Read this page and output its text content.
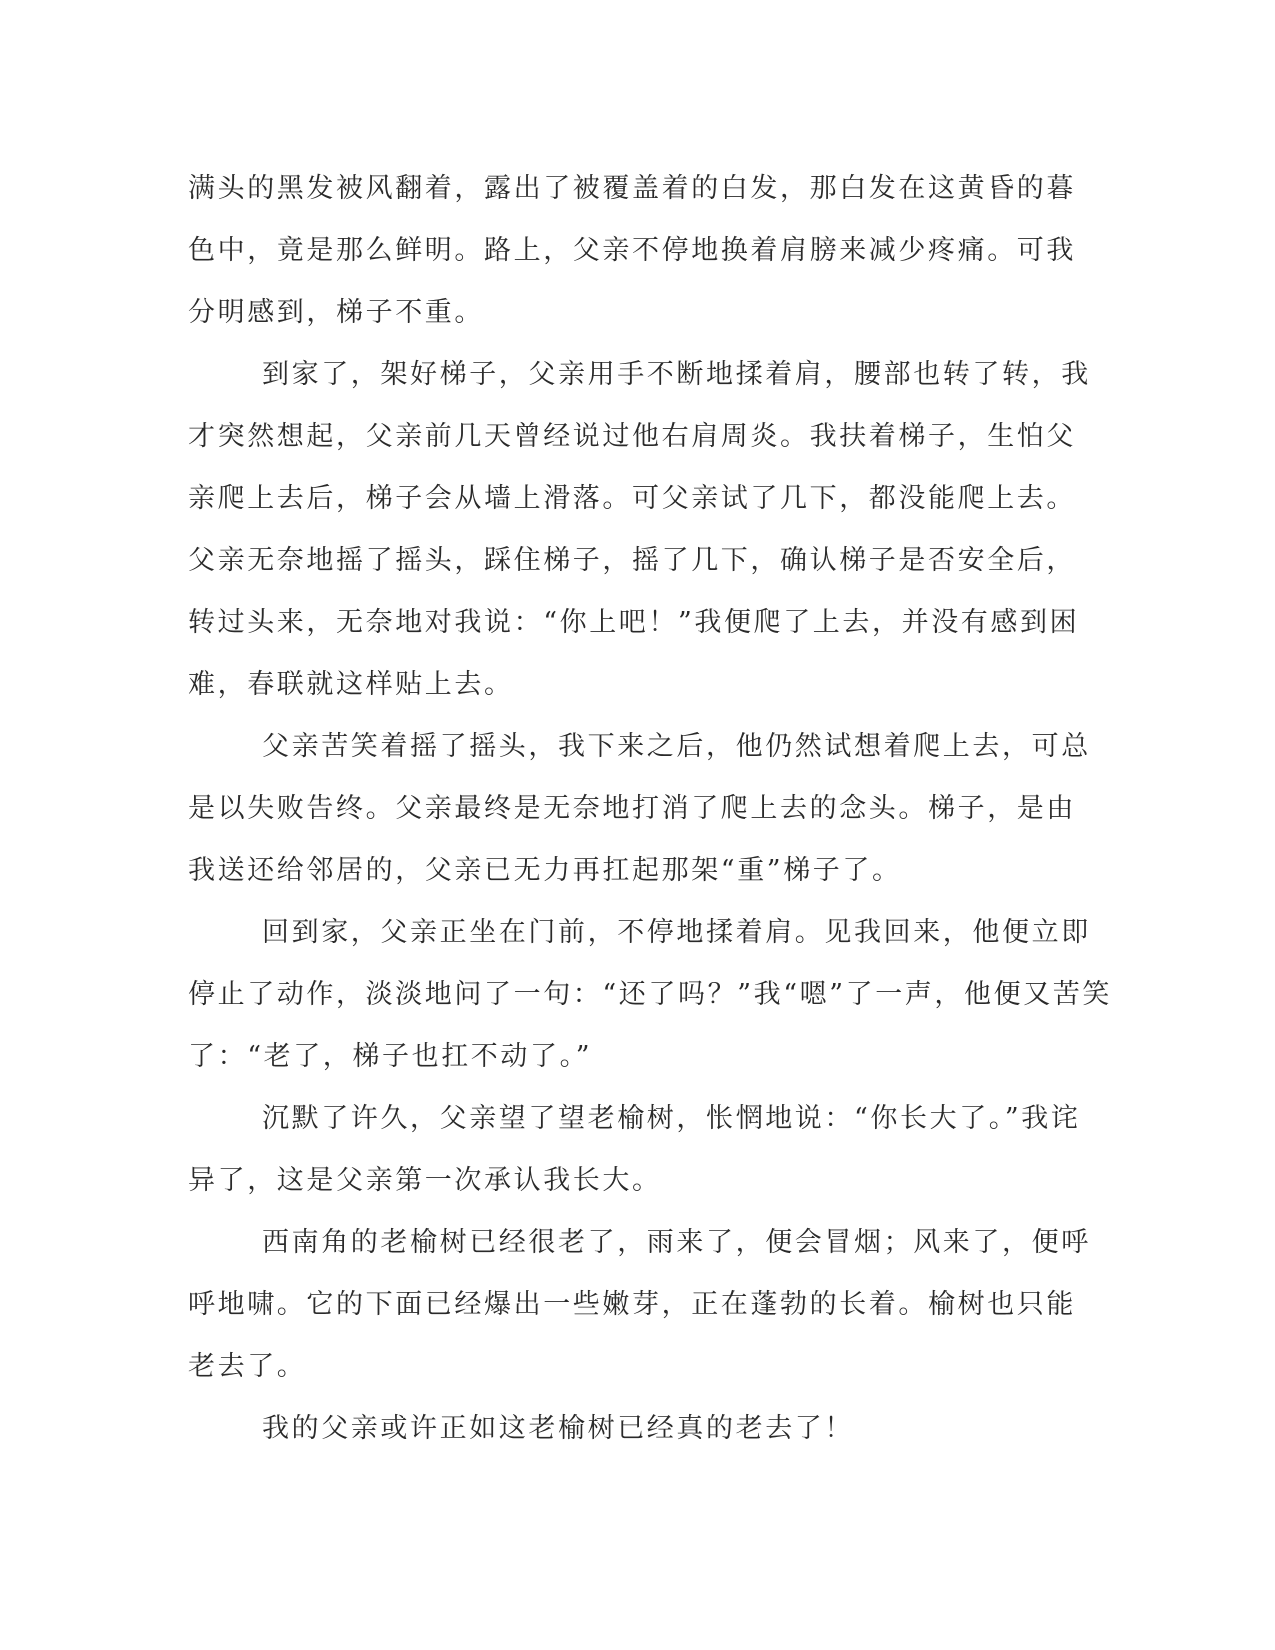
满头的黑发被风翻着，露出了被覆盖着的白发，那白发在这黄昏的暮
色中，竟是那么鲜明。路上，父亲不停地换着肩膀来减少疼痛。可我
分明感到，梯子不重。
到家了，架好梯子，父亲用手不断地揉着肩，腰部也转了转，我
才突然想起，父亲前几天曾经说过他右肩周炎。我扶着梯子，生怕父
亲爬上去后，梯子会从墙上滑落。可父亲试了几下，都没能爬上去。
父亲无奈地摇了摇头，踩住梯子，摇了几下，确认梯子是否安全后，
转过头来，无奈地对我说：“你上吧！”我便爬了上去，并没有感到困
难，春联就这样贴上去。
父亲苦笑着摇了摇头，我下来之后，他仍然试想着爬上去，可总
是以失败告终。父亲最终是无奈地打消了爬上去的念头。梯子，是由
我送还给邻居的，父亲已无力再扛起那架“重”梯子了。
回到家，父亲正坐在门前，不停地揉着肩。见我回来，他便立即
停止了动作，淡淡地问了一句：“还了吗？”我“嗯”了一声，他便又苦笑
了：“老了，梯子也扛不动了。”
沉默了许久，父亲望了望老榆树，怅惘地说：“你长大了。”我诧
异了，这是父亲第一次承认我长大。
西南角的老榆树已经很老了，雨来了，便会冒烟；风来了，便呼
呼地啸。它的下面已经爆出一些嫩芽，正在蓬勃的长着。榆树也只能
老去了。
我的父亲或许正如这老榆树已经真的老去了！
